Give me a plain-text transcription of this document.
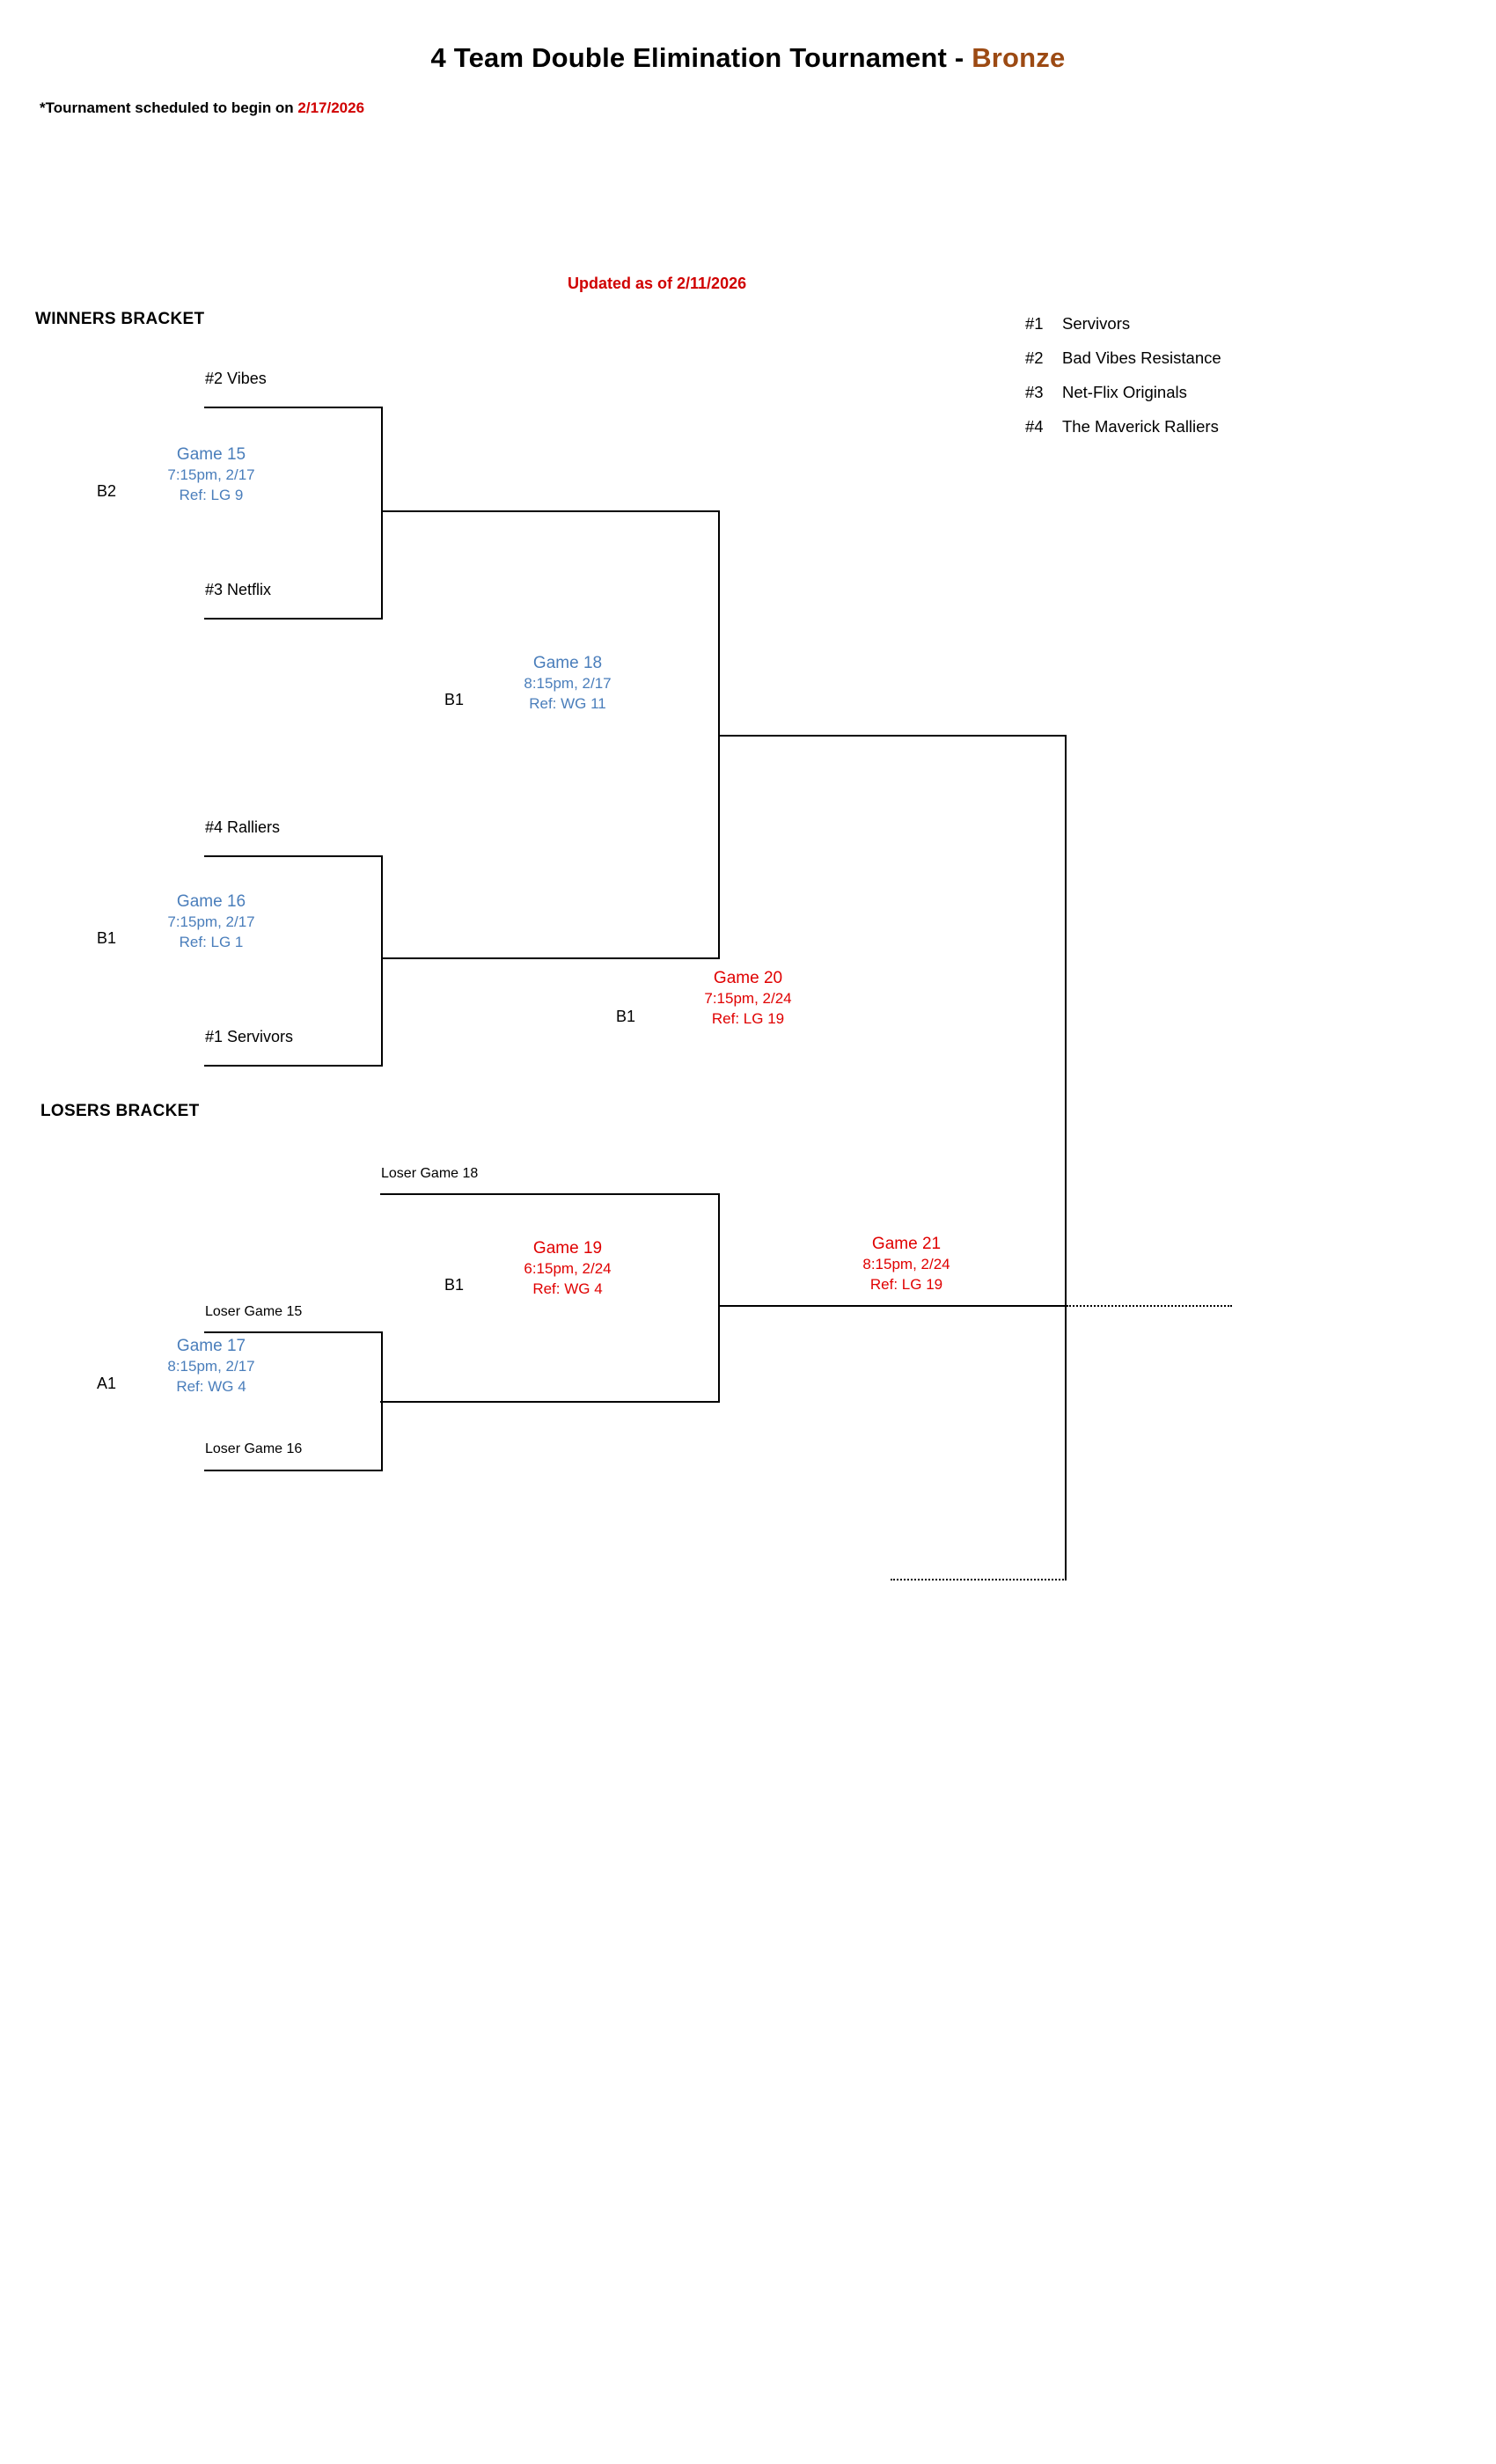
4 Team Double Elimination Tournament - Bronze
*Tournament scheduled to begin on 2/17/2026
Updated as of 2/11/2026
WINNERS BRACKET
LOSERS BRACKET
#1 Servivors
#2 Bad Vibes Resistance
#3 Net-Flix Originals
#4 The Maverick Ralliers
#2 Vibes
#3 Netflix
B2
Game 15
7:15pm, 2/17
Ref: LG 9
#4 Ralliers
#1 Servivors
B1
Game 16
7:15pm, 2/17
Ref: LG 1
B1
Game 18
8:15pm, 2/17
Ref: WG 11
Loser Game 15
Loser Game 16
A1
Game 17
8:15pm, 2/17
Ref: WG 4
Loser Game 18
B1
Game 19
6:15pm, 2/24
Ref: WG 4
B1
Game 20
7:15pm, 2/24
Ref: LG 19
Game 21
8:15pm, 2/24
Ref: LG 19
